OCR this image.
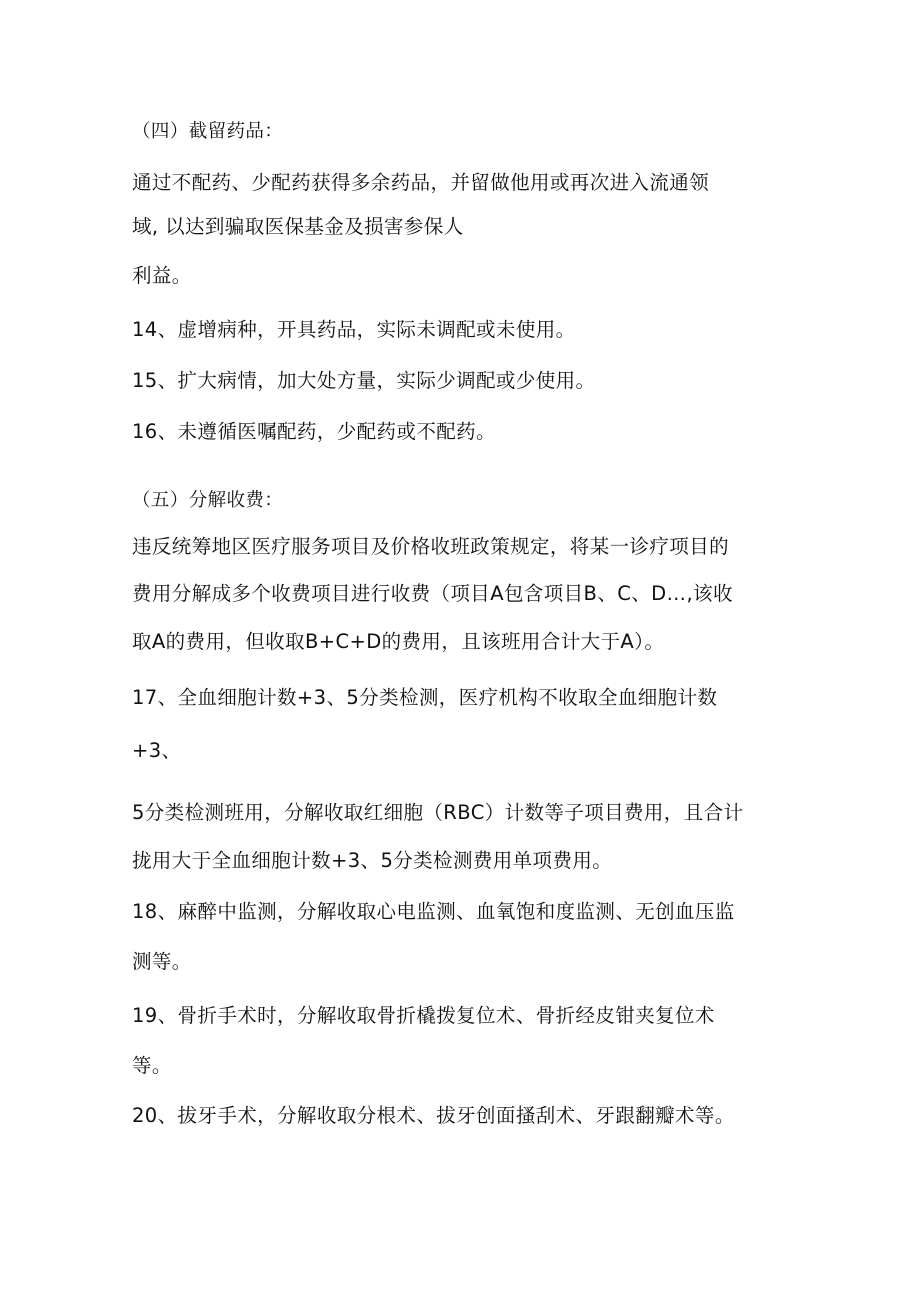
（四）截留药品：
通过不配药、少配药获得多余药品，并留做他用或再次进入流通领
域, 以达到骗取医保基金及损害参保人
利益。
14、虚增病种，开具药品，实际未调配或未使用。
15、扩大病情，加大处方量，实际少调配或少使用。
16、未遵循医嘱配药，少配药或不配药。
（五）分解收费：
违反统筹地区医疗服务项目及价格收班政策规定，将某一诊疗项目的
费用分解成多个收费项目进行收费（项目A包含项目B、C、D…,该收
取A的费用，但收取B+C+D的费用，且该班用合计大于A）。
17、全血细胞计数+3、5分类检测，医疗机构不收取全血细胞计数
+3、
5分类检测班用，分解收取红细胞（RBC）计数等子项目费用，且合计
拢用大于全血细胞计数+3、5分类检测费用单项费用。
18、麻醉中监测，分解收取心电监测、血氧饱和度监测、无创血压监
测等。
19、骨折手术时，分解收取骨折橇拨复位术、骨折经皮钳夹复位术
等。
20、拔牙手术，分解收取分根术、拔牙创面搔刮术、牙跟翻瓣术等。
